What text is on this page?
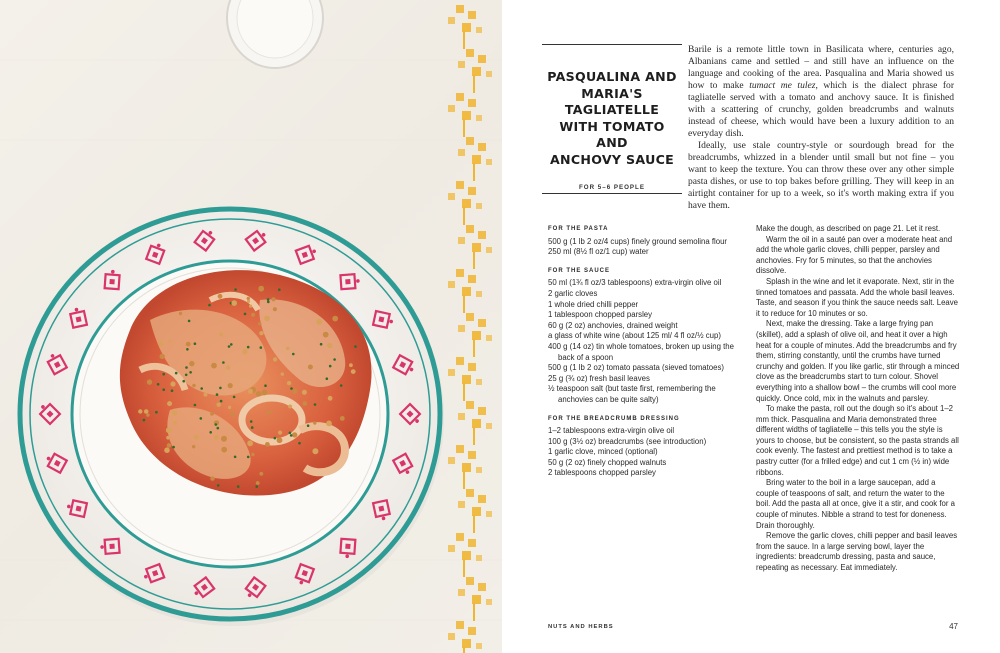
PASQUALINA AND
MARIA'S TAGLIATELLE
WITH TOMATO AND
ANCHOVY SAUCE
FOR 5–6 PEOPLE

Barile is a remote little town in Basilicata where, centuries ago, Albanians came and settled – and still have an influence on the language and cooking of the area. Pasqualina and Maria showed us how to make tumact me tulez, which is the dialect phrase for tagliatelle served with a tomato and anchovy sauce. It is finished with a scattering of crunchy, golden breadcrumbs and walnuts instead of cheese, which would have been a luxury addition to an everyday dish.

Ideally, use stale country-style or sourdough bread for the breadcrumbs, whizzed in a blender until small but not fine – you want to keep the texture. You can throw these over any other simple pasta dishes, or use to top bakes before grilling. They will keep in an airtight container for up to a week, so it's worth making extra if you have them.

FOR THE PASTA
500 g (1 lb 2 oz/4 cups) finely ground semolina flour
250 ml (8½ fl oz/1 cup) water
FOR THE SAUCE
50 ml (1¾ fl oz/3 tablespoons) extra-virgin olive oil
2 garlic cloves
1 whole dried chilli pepper
1 tablespoon chopped parsley
60 g (2 oz) anchovies, drained weight
a glass of white wine (about 125 ml/ 4 fl oz/½ cup)
400 g (14 oz) tin whole tomatoes, broken up using the back of a spoon
500 g (1 lb 2 oz) tomato passata (sieved tomatoes)
25 g (¾ oz) fresh basil leaves
½ teaspoon salt (but taste first, remembering the anchovies can be quite salty)
FOR THE BREADCRUMB DRESSING
1–2 tablespoons extra-virgin olive oil
100 g (3½ oz) breadcrumbs (see introduction)
1 garlic clove, minced (optional)
50 g (2 oz) finely chopped walnuts
2 tablespoons chopped parsley

Make the dough, as described on page 21. Let it rest.

Warm the oil in a sauté pan over a moderate heat and add the whole garlic cloves, chilli pepper, parsley and anchovies. Fry for 5 minutes, so that the anchovies dissolve.

Splash in the wine and let it evaporate. Next, stir in the tinned tomatoes and passata. Add the whole basil leaves. Taste, and season if you think the sauce needs salt. Leave it to reduce for 10 minutes or so.

Next, make the dressing. Take a large frying pan (skillet), add a splash of olive oil, and heat it over a high heat for a couple of minutes. Add the breadcrumbs and fry them, stirring constantly, until the crumbs have turned crunchy and golden. If you like garlic, stir through a minced clove as the breadcrumbs start to turn colour. Shovel everything into a shallow bowl – the crumbs will cool more quickly. Once cold, mix in the walnuts and parsley.

To make the pasta, roll out the dough so it's about 1–2 mm thick. Pasqualina and Maria demonstrated three different widths of tagliatelle – this tells you the style is yours to choose, but be consistent, so the pasta strands all cook evenly. The fastest and prettiest method is to take a pastry cutter (for a frilled edge) and cut 1 cm (½ in) wide ribbons.

Bring water to the boil in a large saucepan, add a couple of teaspoons of salt, and return the water to the boil. Add the pasta all at once, give it a stir, and cook for a couple of minutes. Nibble a strand to test for doneness. Drain thoroughly.

Remove the garlic cloves, chilli pepper and basil leaves from the sauce. In a large serving bowl, layer the ingredients: breadcrumb dressing, pasta and sauce, repeating as necessary. Eat immediately.

NUTS AND HERBS	47
